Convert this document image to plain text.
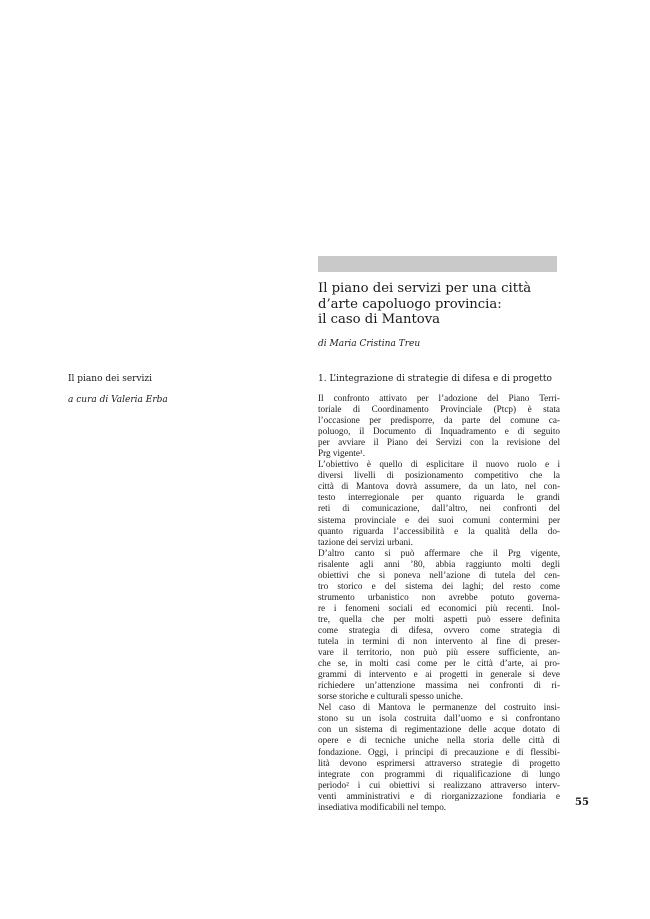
Il piano dei servizi per una città
d’arte capoluogo provincia:
il caso di Mantova
di Maria Cristina Treu
Il piano dei servizi
a cura di Valeria Erba
1. L’integrazione di strategie di difesa e di progetto
Il confronto attivato per l’adozione del Piano Terri-
toriale di Coordinamento Provinciale (Ptcp) è stata
l’occasione per predisporre, da parte del comune ca-
poluogo, il Documento di Inquadramento e di seguito
per avviare il Piano dei Servizi con la revisione del
Prg vigente¹.
L’obiettivo è quello di esplicitare il nuovo ruolo e i
diversi livelli di posizionamento competitivo che la
città di Mantova dovrà assumere, da un lato, nel con-
testo interregionale per quanto riguarda le grandi
reti di comunicazione, dall’altro, nei confronti del
sistema provinciale e dei suoi comuni contermini per
quanto riguarda l’accessibilità e la qualità della do-
tazione dei servizi urbani.
D’altro canto si può affermare che il Prg vigente,
risalente agli anni ’80, abbia raggiunto molti degli
obiettivi che si poneva nell’azione di tutela del cen-
tro storico e del sistema dei laghi; del resto come
strumento urbanistico non avrebbe potuto governa-
re i fenomeni sociali ed economici più recenti. Inol-
tre, quella che per molti aspetti può essere definita
come strategia di difesa, ovvero come strategia di
tutela in termini di non intervento al fine di preser-
vare il territorio, non può più essere sufficiente, an-
che se, in molti casi come per le città d’arte, ai pro-
grammi di intervento e ai progetti in generale si deve
richiedere un’attenzione massima nei confronti di ri-
sorse storiche e culturali spesso uniche.
Nel caso di Mantova le permanenze del costruito insi-
stono su un isola costruita dall’uomo e si confrontano
con un sistema di regimentazione delle acque dotato di
opere e di tecniche uniche nella storia delle città di
fondazione. Oggi, i principi di precauzione e di flessibi-
lità devono esprimersi attraverso strategie di progetto
integrate con programmi di riqualificazione di lungo
periodo² i cui obiettivi si realizzano attraverso interv-
venti amministrativi e di riorganizzazione fondiaria e
insediativa modificabili nel tempo.	55
